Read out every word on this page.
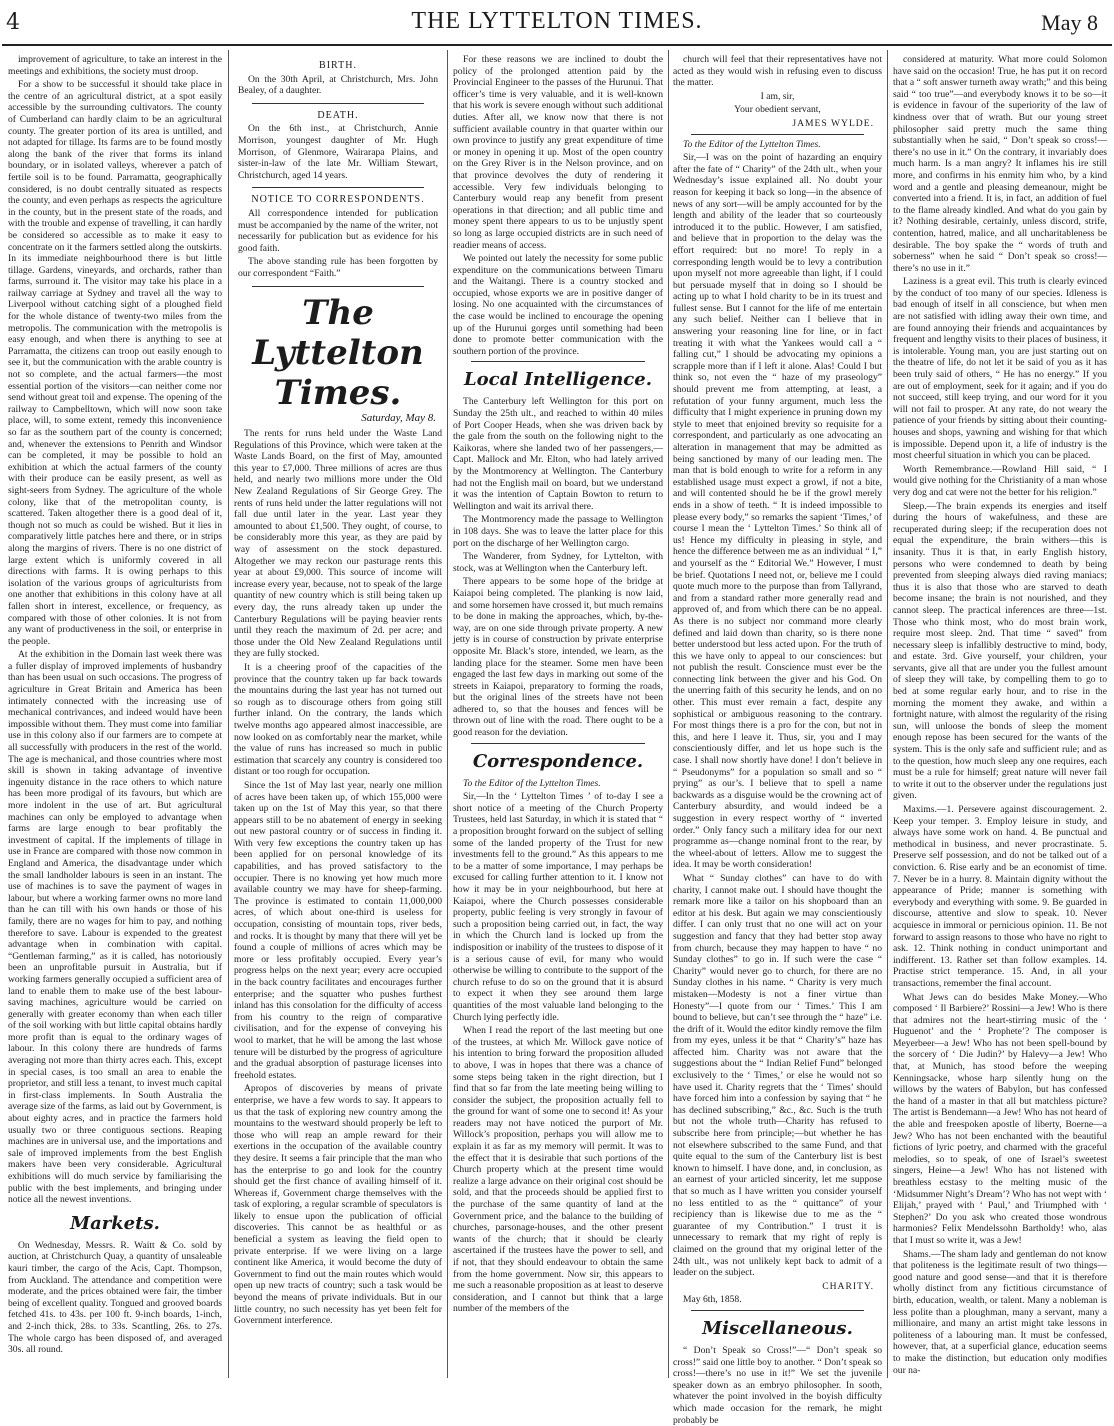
4	THE LYTTELTON TIMES.	May 8

improvement of agriculture, to take an interest in the meetings and exhibitions, the society must droop.

For a show to be successful it should take place in the centre of an agricultural district, at a spot easily accessible by the surrounding cultivators. The county of Cumberland can hardly claim to be an agricultural county. The greater portion of its area is untilled, and not adapted for tillage. Its farms are to be found mostly along the bank of the river that forms its inland boundary, or in isolated valleys, wherever a patch of fertile soil is to be found. Parramatta, geographically considered, is no doubt centrally situated as respects the county, and even perhaps as respects the agriculture in the county, but in the present state of the roads, and with the trouble and expense of travelling, it can hardly be considered so accessible as to make it easy to concentrate on it the farmers settled along the outskirts. In its immediate neighbourhood there is but little tillage. Gardens, vineyards, and orchards, rather than farms, surround it. The visitor may take his place in a railway carriage at Sydney and travel all the way to Liverpool without catching sight of a ploughed field for the whole distance of twenty-two miles from the metropolis. The communication with the metropolis is easy enough, and when there is anything to see at Parramatta, the citizens can troop out easily enough to see it, but the communication with the arable country is not so complete, and the actual farmers—the most essential portion of the visitors—can neither come nor send without great toil and expense. The opening of the railway to Campbelltown, which will now soon take place, will, to some extent, remedy this inconvenience so far as the southern part of the county is concerned; and, whenever the extensions to Penrith and Windsor can be completed, it may be possible to hold an exhibition at which the actual farmers of the county with their produce can be easily present, as well as sight-seers from Sydney. The agriculture of the whole colony, like that of the metropolitan county, is scattered. Taken altogether there is a good deal of it, though not so much as could be wished. But it lies in comparatively little patches here and there, or in strips along the margins of rivers. There is no one district of large extent which is uniformly covered in all directions with farms. It is owing perhaps to this isolation of the various groups of agriculturists from one another that exhibitions in this colony have at all fallen short in interest, excellence, or frequency, as compared with those of other colonies. It is not from any want of productiveness in the soil, or enterprise in the people.

At the exhibition in the Domain last week there was a fuller display of improved implements of husbandry than has been usual on such occasions. The progress of agriculture in Great Britain and America has been intimately connected with the increasing use of mechanical contrivances, and indeed would have been impossible without them. They must come into familiar use in this colony also if our farmers are to compete at all successfully with producers in the rest of the world. The age is mechanical, and those countries where most skill is shown in taking advantage of inventive ingenuity distance in the race others to which nature has been more prodigal of its favours, but which are more indolent in the use of art. But agricultural machines can only be employed to advantage when farms are large enough to bear profitably the investment of capital. If the implements of tillage in use in France are compared with those now common in England and America, the disadvantage under which the small landholder labours is seen in an instant. The use of machines is to save the payment of wages in labour, but where a working farmer owns no more land than he can till with his own hands or those of his family, there are no wages for him to pay, and nothing therefore to save. Labour is expended to the greatest advantage when in combination with capital. “Gentleman farming,” as it is called, has notoriously been an unprofitable pursuit in Australia, but if working farmers generally occupied a sufficient area of land to enable them to make use of the best labour-saving machines, agriculture would be carried on generally with greater economy than when each tiller of the soil working with but little capital obtains hardly more profit than is equal to the ordinary wages of labour. In this colony there are hundreds of farms averaging not more than thirty acres each. This, except in special cases, is too small an area to enable the proprietor, and still less a tenant, to invest much capital in first-class implements. In South Australia the average size of the farms, as laid out by Government, is about eighty acres, and in practice the farmers hold usually two or three contiguous sections. Reaping machines are in universal use, and the importations and sale of improved implements from the best English makers have been very considerable. Agricultural exhibitions will do much service by familiarising the public with the best implements, and bringing under notice all the newest inventions.

Markets.

On Wednesday, Messrs. R. Waitt & Co. sold by auction, at Christchurch Quay, a quantity of unsaleable kauri timber, the cargo of the Acis, Capt. Thompson, from Auckland. The attendance and competition were moderate, and the prices obtained were fair, the timber being of excellent quality. Tongued and grooved boards fetched 41s. to 43s. per 100 ft. 9-inch boards, 1-inch, and 2-inch thick, 28s. to 33s. Scantling, 26s. to 27s. The whole cargo has been disposed of, and averaged 30s. all round.

BIRTH.

On the 30th April, at Christchurch, Mrs. John Bealey, of a daughter.

DEATH.

On the 6th inst., at Christchurch, Annie Morrison, youngest daughter of Mr. Hugh Morrison, of Glenmore, Wairarapa Plains, and sister-in-law of the late Mr. William Stewart, Christchurch, aged 14 years.

NOTICE TO CORRESPONDENTS.

All correspondence intended for publication must be accompanied by the name of the writer, not necessarily for publication but as evidence for his good faith.

The above standing rule has been forgotten by our correspondent “Faith.”

The Lyttelton Times.
Saturday, May 8.

The rents for runs held under the Waste Land Regulations of this Province, which were taken at the Waste Lands Board, on the first of May, amounted this year to £7,000. Three millions of acres are thus held, and nearly two millions more under the Old New Zealand Regulations of Sir George Grey. The rents of runs held under the latter regulations will not fall due until later in the year. Last year they amounted to about £1,500. They ought, of course, to be considerably more this year, as they are paid by way of assessment on the stock depastured. Altogether we may reckon our pasturage rents this year at about £9,000. This source of income will increase every year, because, not to speak of the large quantity of new country which is still being taken up every day, the runs already taken up under the Canterbury Regulations will be paying heavier rents until they reach the maximum of 2d. per acre; and those under the Old New Zealand Regulations until they are fully stocked.

It is a cheering proof of the capacities of the province that the country taken up far back towards the mountains during the last year has not turned out so rough as to discourage others from going still further inland. On the contrary, the lands which twelve months ago appeared almost inaccessible, are now looked on as comfortably near the market, while the value of runs has increased so much in public estimation that scarcely any country is considered too distant or too rough for occupation.

Since the 1st of May last year, nearly one million of acres have been taken up, of which 155,000 were taken up on the 1st of May this year, so that there appears still to be no abatement of energy in seeking out new pastoral country or of success in finding it. With very few exceptions the country taken up has been applied for on personal knowledge of its capabilities, and has proved satisfactory to the occupier. There is no knowing yet how much more available country we may have for sheep-farming. The province is estimated to contain 11,000,000 acres, of which about one-third is useless for occupation, consisting of mountain tops, river beds, and rocks. It is thought by many that there will yet be found a couple of millions of acres which may be more or less profitably occupied. Every year’s progress helps on the next year; every acre occupied in the back country facilitates and encourages further enterprise; and the squatter who pushes furthest inland has this consolation for the difficulty of access from his country to the reign of comparative civilisation, and for the expense of conveying his wool to market, that he will be among the last whose tenure will be disturbed by the progress of agriculture and the gradual absorption of pasturage licenses into freehold estates.

Apropos of discoveries by means of private enterprise, we have a few words to say. It appears to us that the task of exploring new country among the mountains to the westward should properly be left to those who will reap an ample reward for their exertions in the occupation of the available country they desire. It seems a fair principle that the man who has the enterprise to go and look for the country should get the first chance of availing himself of it. Whereas if, Government charge themselves with the task of exploring, a regular scramble of speculators is likely to ensue upon the publication of official discoveries. This cannot be as healthful or as beneficial a system as leaving the field open to private enterprise. If we were living on a large continent like America, it would become the duty of Government to find out the main routes which would open up new tracts of country; such a task would be beyond the means of private individuals. But in our little country, no such necessity has yet been felt for Government interference.

For these reasons we are inclined to doubt the policy of the prolonged attention paid by the Provincial Engineer to the passes of the Hurunui. That officer’s time is very valuable, and it is well-known that his work is severe enough without such additional duties. After all, we know now that there is not sufficient available country in that quarter within our own province to justify any great expenditure of time or money in opening it up. Most of the open country on the Grey River is in the Nelson province, and on that province devolves the duty of rendering it accessible. Very few individuals belonging to Canterbury would reap any benefit from present operations in that direction; and all public time and money spent there appears to us to be unjustly spent so long as large occupied districts are in such need of readier means of access.

We pointed out lately the necessity for some public expenditure on the communications between Timaru and the Waitangi. There is a country stocked and occupied, whose exports we are in positive danger of losing. No one acquainted with the circumstances of the case would be inclined to encourage the opening up of the Hurunui gorges until something had been done to promote better communication with the southern portion of the province.

Local Intelligence.

The Canterbury left Wellington for this port on Sunday the 25th ult., and reached to within 40 miles of Port Cooper Heads, when she was driven back by the gale from the south on the following night to the Kaikoras, where she landed two of her passengers,—Capt. Mallock and Mr. Elton, who had lately arrived by the Montmorency at Wellington. The Canterbury had not the English mail on board, but we understand it was the intention of Captain Bowton to return to Wellington and wait its arrival there.

The Montmorency made the passage to Wellington in 108 days. She was to leave the latter place for this port on the discharge of her Wellington cargo.

The Wanderer, from Sydney, for Lyttelton, with stock, was at Wellington when the Canterbury left.

There appears to be some hope of the bridge at Kaiapoi being completed. The planking is now laid, and some horsemen have crossed it, but much remains to be done in making the approaches, which, by-the-way, are on one side through private property. A new jetty is in course of construction by private enterprise opposite Mr. Black’s store, intended, we learn, as the landing place for the steamer. Some men have been engaged the last few days in marking out some of the streets in Kaiapoi, preparatory to forming the roads, but the original lines of the streets have not been adhered to, so that the houses and fences will be thrown out of line with the road. There ought to be a good reason for the deviation.

Correspondence.

To the Editor of the Lyttelton Times.

Sir,—In the ‘ Lyttelton Times ’ of to-day I see a short notice of a meeting of the Church Property Trustees, held last Saturday, in which it is stated that “ a proposition brought forward on the subject of selling some of the landed property of the Trust for new investments fell to the ground.” As this appears to me to be a matter of some importance, I may perhaps be excused for calling further attention to it. I know not how it may be in your neighbourhood, but here at Kaiapoi, where the Church possesses considerable property, public feeling is very strongly in favour of such a proposition being carried out, in fact, the way in which the Church land is locked up from the indisposition or inability of the trustees to dispose of it is a serious cause of evil, for many who would otherwise be willing to contribute to the support of the church refuse to do so on the ground that it is absurd to expect it when they see around them large quantities of the most valuable land belonging to the Church lying perfectly idle.

When I read the report of the last meeting but one of the trustees, at which Mr. Willock gave notice of his intention to bring forward the proposition alluded to above, I was in hopes that there was a chance of some steps being taken in the right direction, but I find that so far from the late meeting being willing to consider the subject, the proposition actually fell to the ground for want of some one to second it! As your readers may not have noticed the purport of Mr. Willock’s proposition, perhaps you will allow me to explain it as far as my memory will permit. It was to the effect that it is desirable that such portions of the Church property which at the present time would realize a large advance on their original cost should be sold, and that the proceeds should be applied first to the purchase of the same quantity of land at the Government price, and the balance to the building of churches, parsonage-houses, and the other present wants of the church; that it should be clearly ascertained if the trustees have the power to sell, and if not, that they should endeavour to obtain the same from the home government. Now sir, this appears to me such a reasonable proposition as at least to deserve consideration, and I cannot but think that a large number of the members of the

church will feel that their representatives have not acted as they would wish in refusing even to discuss the matter.

I am, sir,

Your obedient servant,

JAMES WYLDE.

To the Editor of the Lyttelton Times.

Sir,—I was on the point of hazarding an enquiry after the fate of “ Charity” of the 24th ult., when your Wednesday’s issue explained all. No doubt your reason for keeping it back so long—in the absence of news of any sort—will be amply accounted for by the length and ability of the leader that so courteously introduced it to the public. However, I am satisfied, and believe that in proportion to the delay was the effort required: but no more! To reply in a corresponding length would be to levy a contribution upon myself not more agreeable than light, if I could but persuade myself that in doing so I should be acting up to what I hold charity to be in its truest and fullest sense. But I cannot for the life of me entertain any such belief. Neither can I believe that in answering your reasoning line for line, or in fact treating it with what the Yankees would call a “ falling cut,” I should be advocating my opinions a scrapple more than if I left it alone. Alas! Could I but think so, not even the “ haze of my praseology” should prevent me from attempting, at least, a refutation of your funny argument, much less the difficulty that I might experience in pruning down my style to meet that enjoined brevity so requisite for a correspondent, and particularly as one advocating an alteration in management that may be admitted as being sanctioned by many of our leading men. The man that is bold enough to write for a reform in any established usage must expect a growl, if not a bite, and will contented should he be if the growl merely ends in a show of teeth. “ It is indeed impossible to please every body,” so remarks the sapient ‘Times,’ of course I mean the ‘ Lyttelton Times.’ So think all of us! Hence my difficulty in pleasing in style, and hence the difference between me as an individual “ I,” and yourself as the “ Editorial We.” However, I must be brief. Quotations I need not, or, believe me I could quote much more to the purpose than from Tallyrand, and from a standard rather more generally read and approved of, and from which there can be no appeal. As there is no subject nor command more clearly defined and laid down than charity, so is there none better understood but less acted upon. For the truth of this we have only to appeal to our consciences: but not publish the result. Conscience must ever be the connecting link between the giver and his God. On the unerring faith of this security he lends, and on no other. This must ever remain a fact, despite any sophistical or ambiguous reasoning to the contrary. For most things there is a pro for the con, but not in this, and here I leave it. Thus, sir, you and I may conscientiously differ, and let us hope such is the case. I shall now shortly have done! I don’t believe in “ Pseudonyms” for a population so small and so “ prying” as our’s. I believe that to spell a name backwards as a disguise would be the crowning act of Canterbury absurdity, and would indeed be a suggestion in every respect worthy of “ inverted order.” Only fancy such a military idea for our next programme as—change nominal front to the rear, by the wheel-about of letters. Allow me to suggest the idea. It may be worth consideration!

What “ Sunday clothes” can have to do with charity, I cannot make out. I should have thought the remark more like a tailor on his shopboard than an editor at his desk. But again we may conscientiously differ. I can only trust that no one will act on your suggestion and fancy that they had better stop away from church, because they may happen to have “ no Sunday clothes” to go in. If such were the case “ Charity” would never go to church, for there are no Sunday clothes in his name. “ Charity is very much mistaken—Modesty is not a finer virtue than Honesty”—I quote from our ‘ Times.’ This I am bound to believe, but can’t see through the “ haze” i.e. the drift of it. Would the editor kindly remove the film from my eyes, unless it be that “ Charity’s” haze has affected him. Charity was not aware that the suggestions about the “ Indian Relief Fund” belonged exclusively to the ‘ Times,’ or else he would not so have used it. Charity regrets that the ‘ Times’ should have forced him into a confession by saying that “ he has declined subscribing,” &c., &c. Such is the truth but not the whole truth—Charity has refused to subscribe here from principle;—but whether he has not elsewhere subscribed to the same Fund, and that quite equal to the sum of the Canterbury list is best known to himself. I have done, and, in conclusion, as an earnest of your articled sincerity, let me suppose that so much as I have written you consider yourself no less entitled to as the “ quittance” of your recipiency than is likewise due to me as the “ guarantee of my Contribution.” I trust it is unnecessary to remark that my right of reply is claimed on the ground that my original letter of the 24th ult., was not unlikely kept back to admit of a leader on the subject.

CHARITY.

May 6th, 1858.

Miscellaneous.

“ Don’t Speak so Cross!”—“ Don’t speak so cross!” said one little boy to another. “ Don’t speak so cross!—there’s no use in it!” We set the juvenile speaker down as an embryo philosopher. In sooth, whatever the point involved in the boyish difficulty which made occasion for the remark, he might probably be

considered at maturity. What more could Solomon have said on the occasion! True, he has put it on record that a “ soft answer turneth away wrath;” and this being said “ too true”—and everybody knows it to be so—it is evidence in favour of the superiority of the law of kindness over that of wrath. But our young street philosopher said pretty much the same thing substantially when he said, “ Don’t speak so cross!—there’s no use in it.” On the contrary, it invariably does much harm. Is a man angry? It inflames his ire still more, and confirms in his enmity him who, by a kind word and a gentle and pleasing demeanour, might be converted into a friend. It is, in fact, an addition of fuel to the flame already kindled. And what do you gain by it? Nothing desirable, certainly, unless discord, strife, contention, hatred, malice, and all uncharitableness be desirable. The boy spake the “ words of truth and soberness” when he said “ Don’t speak so cross!—there’s no use in it.”

Laziness is a great evil. This truth is clearly evinced by the conduct of too many of our species. Idleness is bad enough of itself in all conscience, but when men are not satisfied with idling away their own time, and are found annoying their friends and acquaintances by frequent and lengthy visits to their places of business, it is intolerable. Young man, you are just starting out on the theatre of life, do not let it be said of you as it has been truly said of others, “ He has no energy.” If you are out of employment, seek for it again; and if you do not succeed, still keep trying, and our word for it you will not fail to prosper. At any rate, do not weary the patience of your friends by sitting about their counting-houses and shops, yawning and wishing for that which is impossible. Depend upon it, a life of industry is the most cheerful situation in which you can be placed.

Worth Remembrance.—Rowland Hill said, “ I would give nothing for the Christianity of a man whose very dog and cat were not the better for his religion.”

Sleep.—The brain expends its energies and itself during the hours of wakefulness, and these are recuperated during sleep; if the recuperation does not equal the expenditure, the brain withers—this is insanity. Thus it is that, in early English history, persons who were condemned to death by being prevented from sleeping always died raving maniacs; thus it is also that those who are starved to death become insane; the brain is not nourished, and they cannot sleep. The practical inferences are three—1st. Those who think most, who do most brain work, require most sleep. 2nd. That time “ saved” from necessary sleep is infallibly destructive to mind, body, and estate. 3rd. Give yourself, your children, your servants, give all that are under you the fullest amount of sleep they will take, by compelling them to go to bed at some regular early hour, and to rise in the morning the moment they awake, and within a fortnight nature, with almost the regularity of the rising sun, will unloose the bonds of sleep the moment enough repose has been secured for the wants of the system. This is the only safe and sufficient rule; and as to the question, how much sleep any one requires, each must be a rule for himself; great nature will never fail to write it out to the observer under the regulations just given.

Maxims.—1. Persevere against discouragement. 2. Keep your temper. 3. Employ leisure in study, and always have some work on hand. 4. Be punctual and methodical in business, and never procrastinate. 5. Preserve self possession, and do not be talked out of a conviction. 6. Rise early and be an economist of time. 7. Never be in a hurry. 8. Maintain dignity without the appearance of Pride; manner is something with everybody and everything with some. 9. Be guarded in discourse, attentive and slow to speak. 10. Never acquiesce in immoral or pernicious opinion. 11. Be not forward to assign reasons to those who have no right to ask. 12. Think nothing in conduct unimportant and indifferent. 13. Rather set than follow examples. 14. Practise strict temperance. 15. And, in all your transactions, remember the final account.

What Jews can do besides Make Money.—Who composed ‘ Il Barbiere?’ Rossini—a Jew! Who is there that admires not the heart-stirring music of the ‘ Huguenot’ and the ‘ Prophete’? The composer is Meyerbeer—a Jew! Who has not been spell-bound by the sorcery of ‘ Die Judin?’ by Halevy—a Jew! Who that, at Munich, has stood before the weeping Kenningsacke, whose harp silently hung on the willows by the waters of Babylon, but has confessed the hand of a master in that all but matchless picture? The artist is Bendemann—a Jew! Who has not heard of the able and freespoken apostle of liberty, Boerne—a Jew? Who has not been enchanted with the beautiful fictions of lyric poetry, and charmed with the graceful melodies, so to speak, of one of Israel’s sweetest singers, Heine—a Jew! Who has not listened with breathless ecstasy to the melting music of the ‘Midsummer Night’s Dream’? Who has not wept with ‘ Elijah,’ prayed with ‘ Paul,’ and Triumphed with ‘ Stephen?’ Do you ask who created those wondrous harmonies? Felix Mendelssohn Bartholdy! who, alas that I must so write it, was a Jew!

Shams.—The sham lady and gentleman do not know that politeness is the legitimate result of two things—good nature and good sense—and that it is therefore wholly distinct from any fictitious circumstance of birth, education, wealth, or talent. Many a nobleman is less polite than a ploughman, many a servant, many a millionaire, and many an artist might take lessons in politeness of a labouring man. It must be confessed, however, that, at a superficial glance, education seems to make the distinction, but education only modifies our na-
